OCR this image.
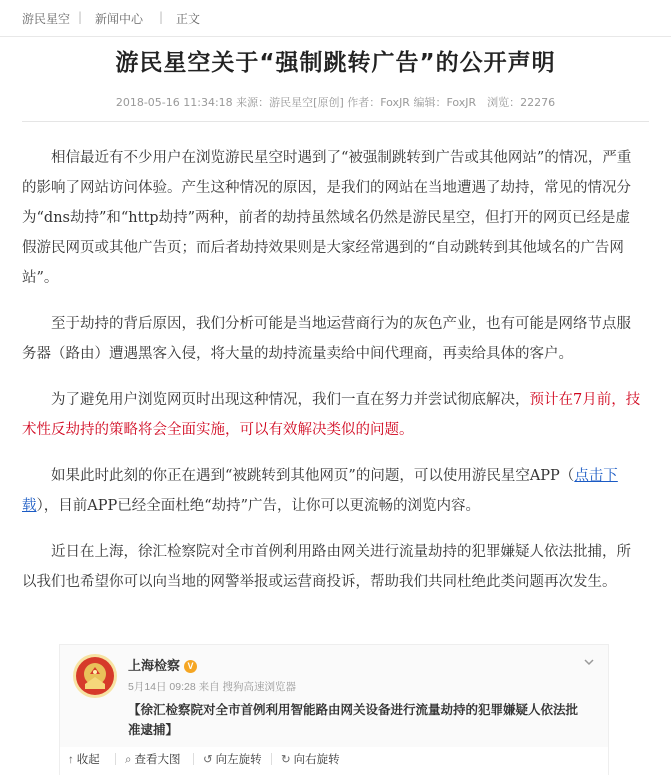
游民星空 | 新闻中心 | 正文
游民星空关于“强制跳转广告”的公开声明
2018-05-16 11:34:18 来源：游民星空[原创] 作者：FoxJR 编辑：FoxJR　浏览：22276

相信最近有不少用户在浏览游民星空时遇到了“被强制跳转到广告或其他网站”的情况，严重的影响了网站访问体验。产生这种情况的原因，是我们的网站在当地遭遇了劫持，常见的情况分为“dns劫持”和“http劫持”两种，前者的劫持虽然域名仍然是游民星空，但打开的网页已经是虚假游民网页或其他广告页；而后者劫持效果则是大家经常遇到的“自动跳转到其他域名的广告网站”。

至于劫持的背后原因，我们分析可能是当地运营商行为的灰色产业，也有可能是网络节点服务器（路由）遭遇黑客入侵，将大量的劫持流量卖给中间代理商，再卖给具体的客户。

为了避免用户浏览网页时出现这种情况，我们一直在努力并尝试彻底解决，预计在7月前，技术性反劫持的策略将会全面实施，可以有效解决类似的问题。

如果此时此刻的你正在遇到“被跳转到其他网页”的问题，可以使用游民星空APP（点击下载），目前APP已经全面杜绝“劫持”广告，让你可以更流畅的浏览内容。

近日在上海，徐汇检察院对全市首例利用路由网关进行流量劫持的犯罪嫌疑人依法批捕，所以我们也希望你可以向当地的网警举报或运营商投诉，帮助我们共同杜绝此类问题再次发生。

上海检察 V
5月14日 09:28 来自 搜狗高速浏览器
【徐汇检察院对全市首例利用智能路由网关设备进行流量劫持的犯罪嫌疑人依法批准逮捕】
↑ 收起 ⌕ 查看大图 ↺ 向左旋转 ↻ 向右旋转
